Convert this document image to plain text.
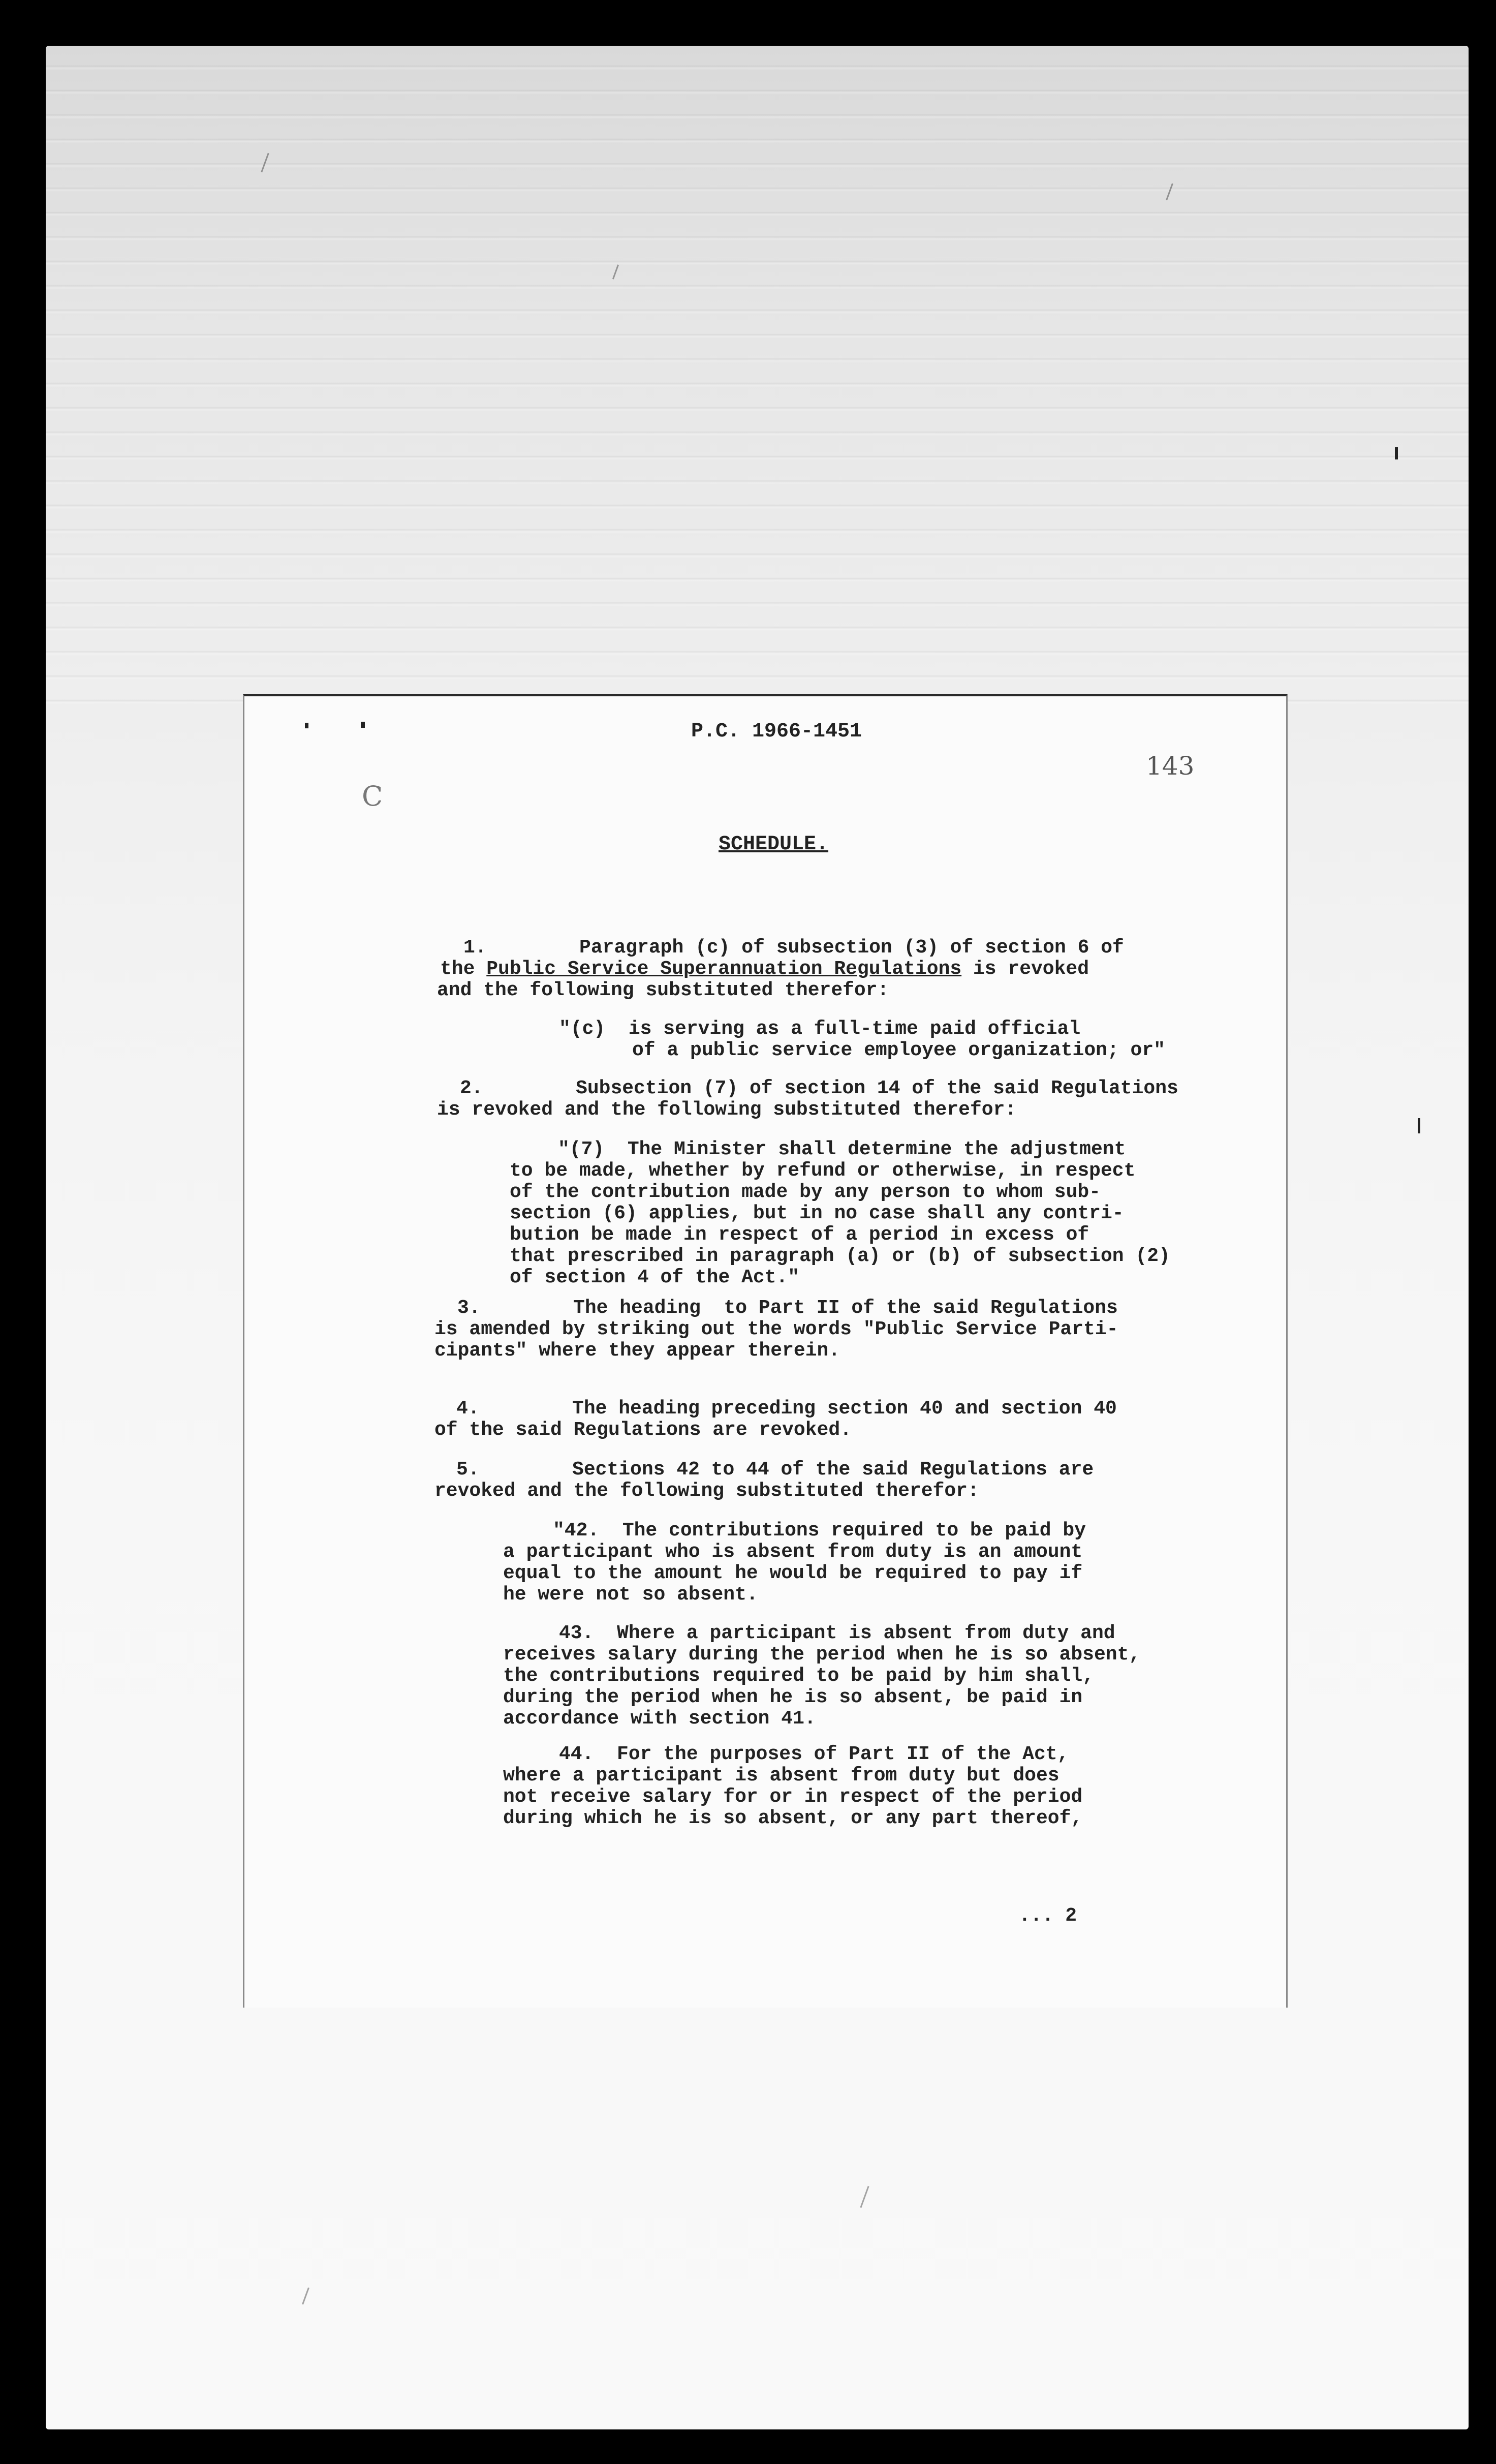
P.C. 1966-1451
143
C
SCHEDULE.
1.        Paragraph (c) of subsection (3) of section 6 of
the Public Service Superannuation Regulations is revoked
and the following substituted therefor:
"(c)  is serving as a full-time paid official
of a public service employee organization; or"
2.        Subsection (7) of section 14 of the said Regulations
is revoked and the following substituted therefor:
"(7)  The Minister shall determine the adjustment
to be made, whether by refund or otherwise, in respect
of the contribution made by any person to whom sub-
section (6) applies, but in no case shall any contri-
bution be made in respect of a period in excess of
that prescribed in paragraph (a) or (b) of subsection (2)
of section 4 of the Act."
3.        The heading  to Part II of the said Regulations
is amended by striking out the words "Public Service Parti-
cipants" where they appear therein.
4.        The heading preceding section 40 and section 40
of the said Regulations are revoked.
5.        Sections 42 to 44 of the said Regulations are
revoked and the following substituted therefor:
"42.  The contributions required to be paid by
a participant who is absent from duty is an amount
equal to the amount he would be required to pay if
he were not so absent.
43.  Where a participant is absent from duty and
receives salary during the period when he is so absent,
the contributions required to be paid by him shall,
during the period when he is so absent, be paid in
accordance with section 41.
44.  For the purposes of Part II of the Act,
where a participant is absent from duty but does
not receive salary for or in respect of the period
during which he is so absent, or any part thereof,
... 2
